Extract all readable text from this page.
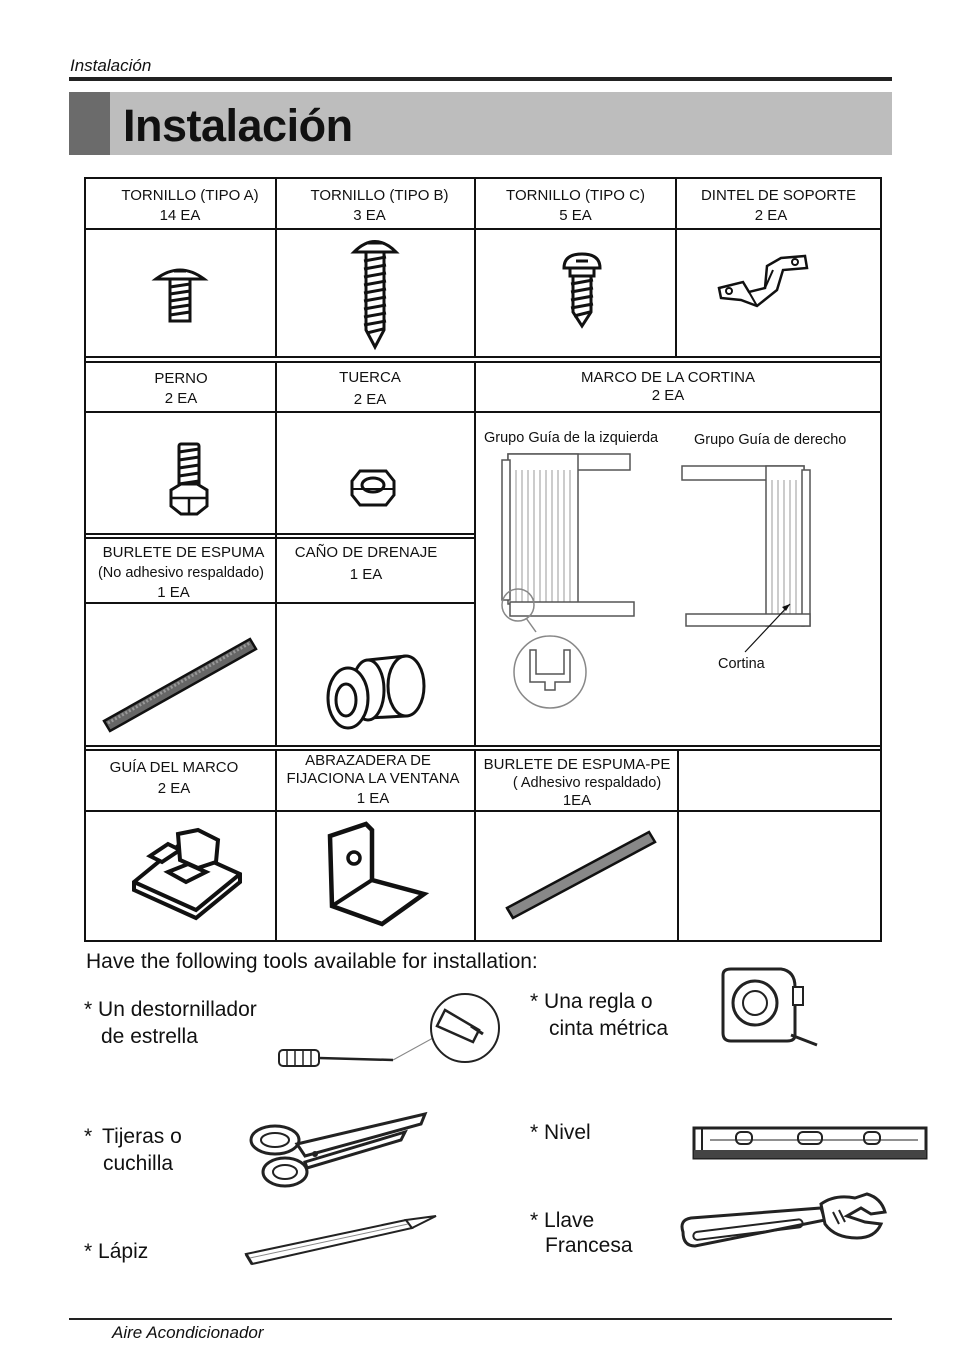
Instalación
Instalación
TORNILLO (TIPO A)
14 EA
TORNILLO (TIPO B)
3 EA
TORNILLO (TIPO C)
5 EA
DINTEL DE SOPORTE
2 EA
PERNO
2 EA
TUERCA
2 EA
MARCO DE LA CORTINA
2 EA
Grupo Guía de la izquierda	Grupo Guía de derecho
Cortina
BURLETE DE ESPUMA
(No adhesivo respaldado)
1 EA
CAÑO DE DRENAJE
1 EA
GUÍA DEL MARCO
2 EA
ABRAZADERA DE
FIJACIONA LA VENTANA
1 EA
BURLETE DE ESPUMA-PE
( Adhesivo respaldado)
1EA
Have the following tools available for installation:
* Un destornillador
de estrella
* Una regla o
cinta métrica
* Tijeras o
cuchilla
* Nivel
* Lápiz
* Llave
Francesa
Aire Acondicionador
